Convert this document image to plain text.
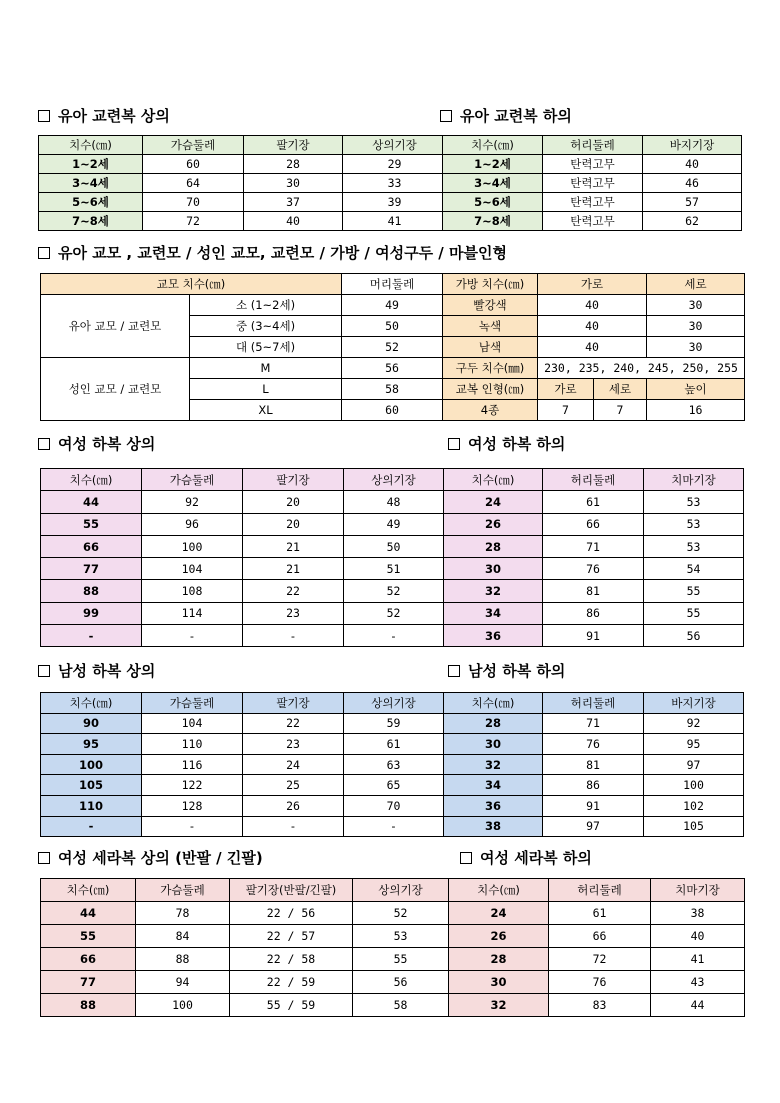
유아 교련복 상의	유아 교련복 하의
치수(㎝)	가슴둘레	팔기장	상의기장
1~2세	60	28	29
3~4세	64	30	33
5~6세	70	37	39
7~8세	72	40	41
치수(㎝)	허리둘레	바지기장
1~2세	탄력고무	40
3~4세	탄력고무	46
5~6세	탄력고무	57
7~8세	탄력고무	62
유아 교모 , 교련모 / 성인 교모, 교련모 / 가방 / 여성구두 / 마블인형
교모 치수(㎝)		머리둘레	가방 치수(㎝)	가로		세로
유아 교모 / 교련모	소 (1~2세)	49	빨강색	40		30
	중 (3~4세)	50	녹색	40		30
	대 (5~7세)	52	남색	40		30
성인 교모 / 교련모	M	56	구두 치수(㎜)	230, 235, 240, 245, 250, 255		
	L	58	교복 인형(㎝)	가로	세로	높이
	XL	60	4종	7	7	16
여성 하복 상의	여성 하복 하의
치수(㎝)	가슴둘레	팔기장	상의기장
44	92	20	48
55	96	20	49
66	100	21	50
77	104	21	51
88	108	22	52
99	114	23	52
-	-	-	-
치수(㎝)	허리둘레	치마기장
24	61	53
26	66	53
28	71	53
30	76	54
32	81	55
34	86	55
36	91	56
남성 하복 상의	남성 하복 하의
치수(㎝)	가슴둘레	팔기장	상의기장
90	104	22	59
95	110	23	61
100	116	24	63
105	122	25	65
110	128	26	70
-	-	-	-
치수(㎝)	허리둘레	바지기장
28	71	92
30	76	95
32	81	97
34	86	100
36	91	102
38	97	105
여성 세라복 상의 (반팔 / 긴팔)	여성 세라복 하의
치수(㎝)	가슴둘레	팔기장(반팔/긴팔)	상의기장
44	78	22 / 56	52
55	84	22 / 57	53
66	88	22 / 58	55
77	94	22 / 59	56
88	100	55 / 59	58
치수(㎝)	허리둘레	치마기장
24	61	38
26	66	40
28	72	41
30	76	43
32	83	44
